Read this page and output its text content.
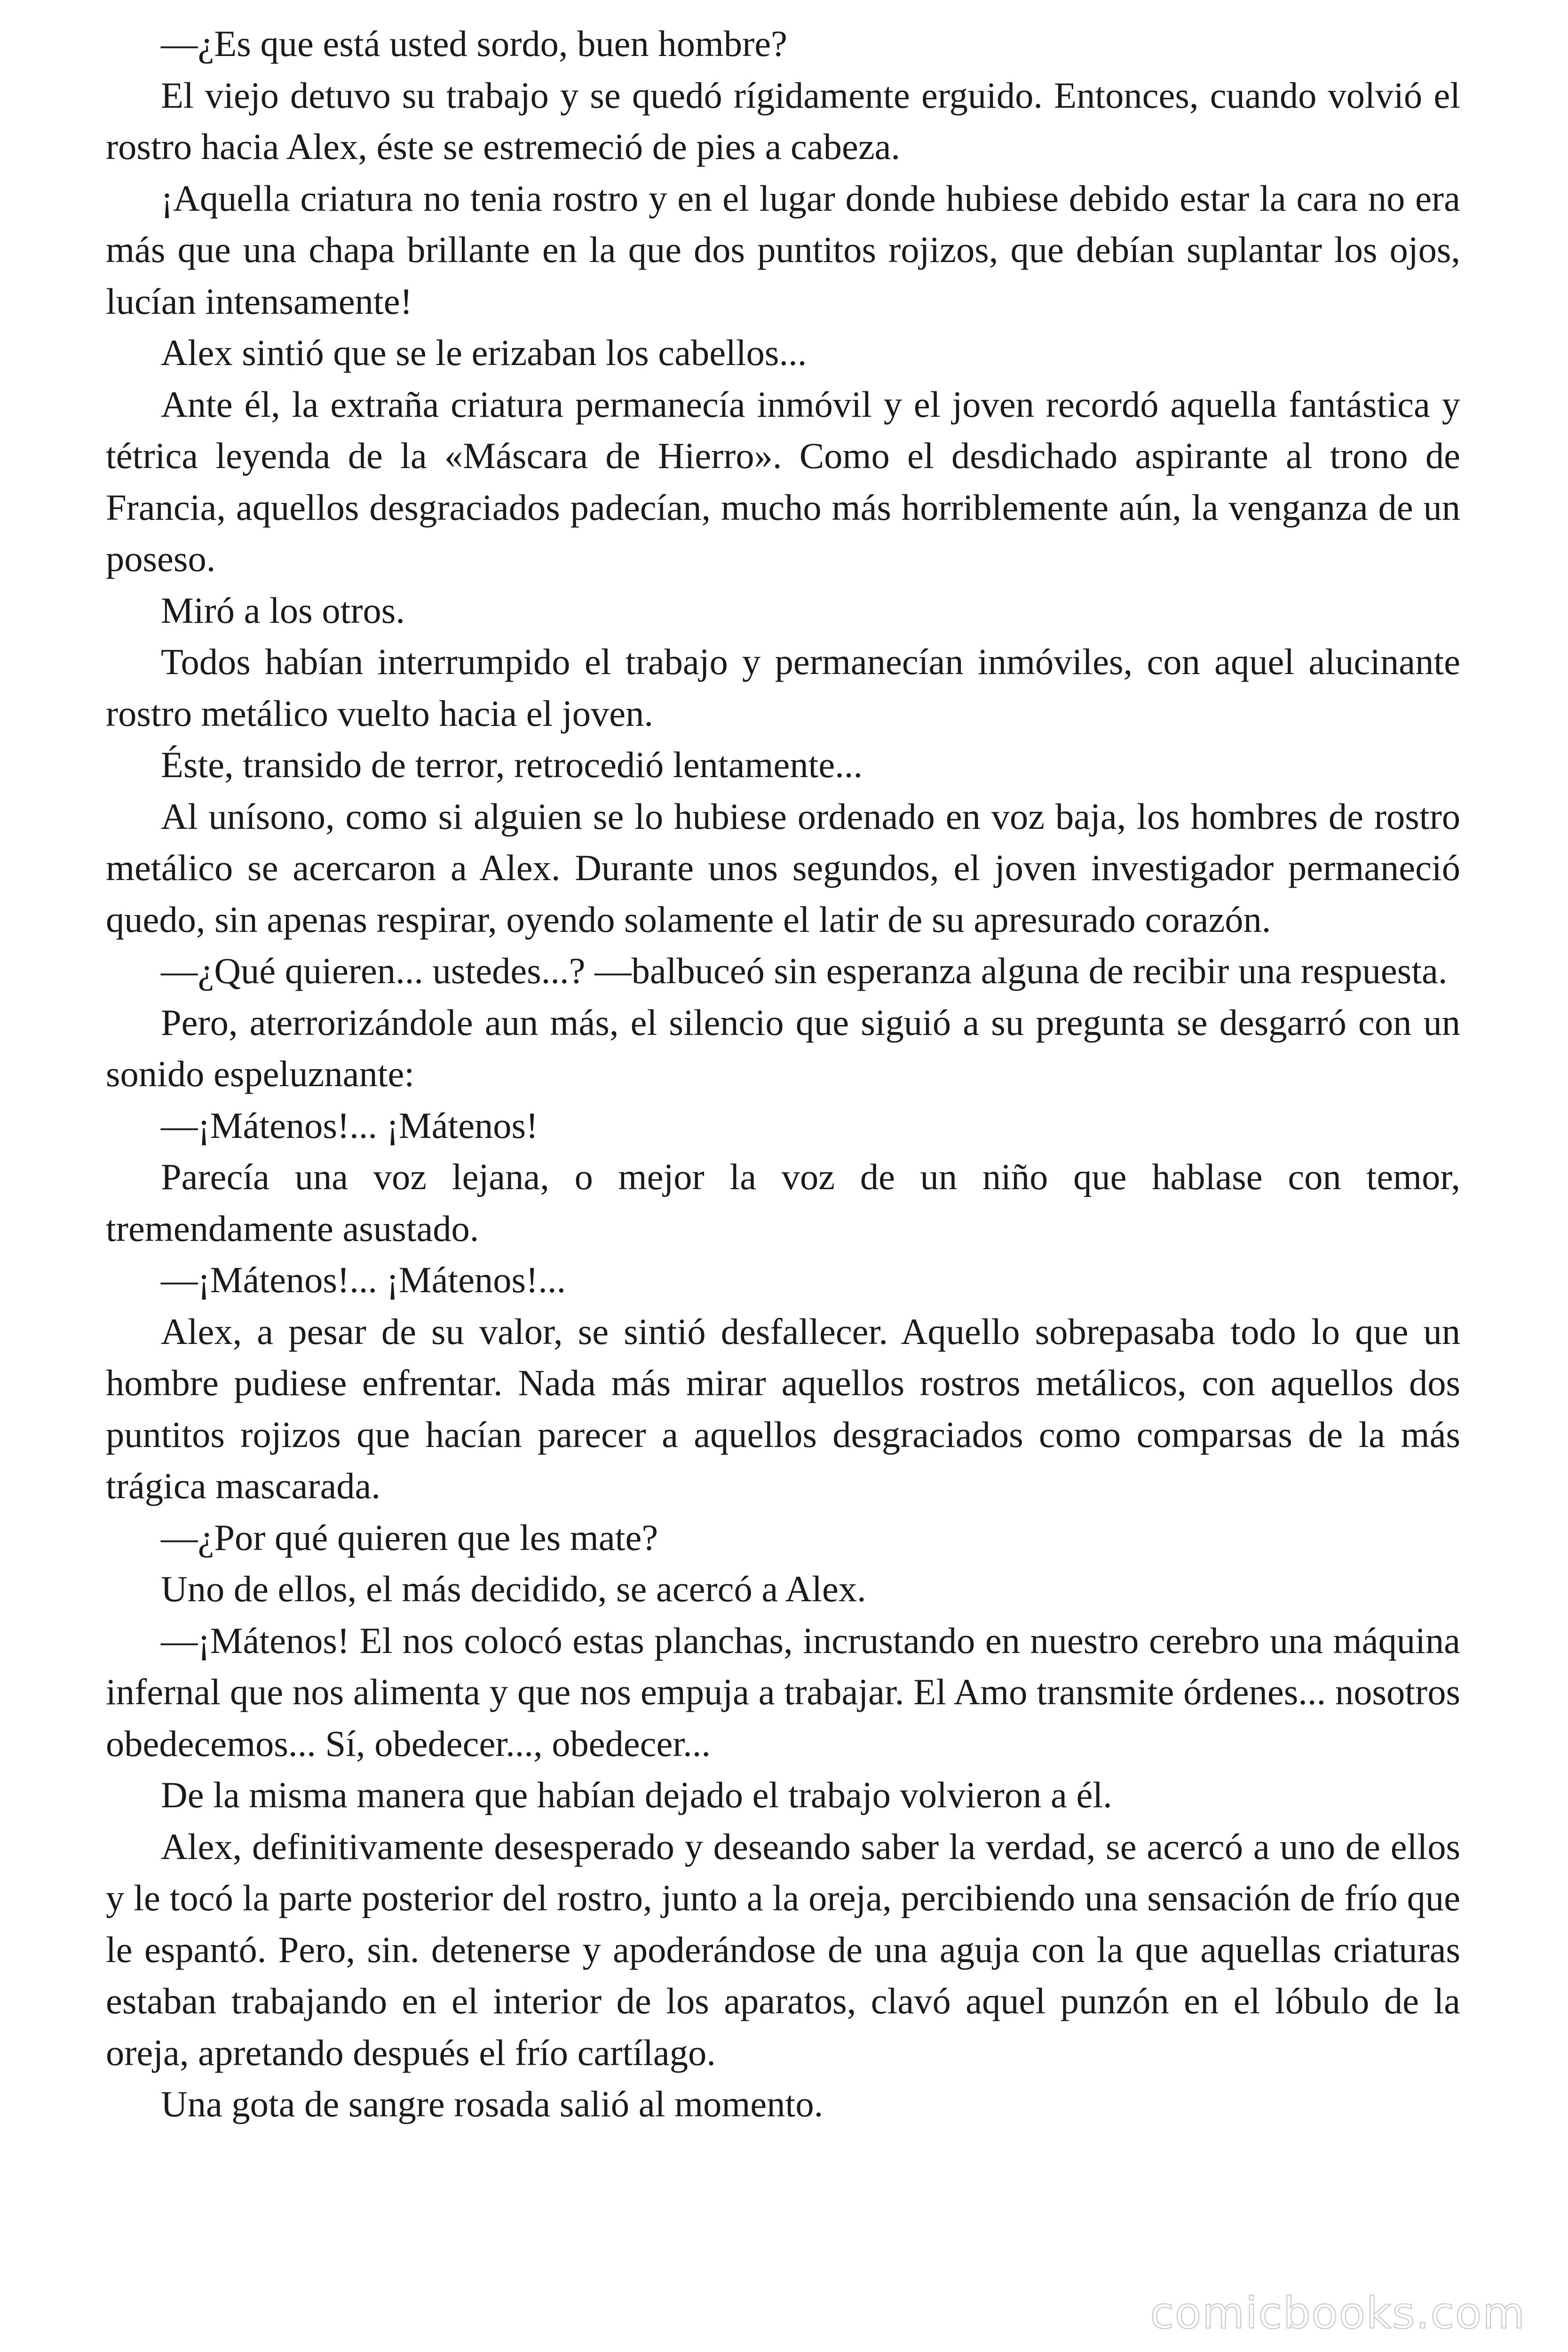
—¿Es que está usted sordo, buen hombre?

El viejo detuvo su trabajo y se quedó rígidamente erguido. Entonces, cuando volvió el rostro hacia Alex, éste se estremeció de pies a cabeza.

¡Aquella criatura no tenia rostro y en el lugar donde hubiese debido estar la cara no era más que una chapa brillante en la que dos puntitos rojizos, que debían suplantar los ojos, lucían intensamente!

Alex sintió que se le erizaban los cabellos...

Ante él, la extraña criatura permanecía inmóvil y el joven recordó aquella fantástica y tétrica leyenda de la «Máscara de Hierro». Como el desdichado aspirante al trono de Francia, aquellos desgraciados padecían, mucho más horriblemente aún, la venganza de un poseso.

Miró a los otros.

Todos habían interrumpido el trabajo y permanecían inmóviles, con aquel alucinante rostro metálico vuelto hacia el joven.

Éste, transido de terror, retrocedió lentamente...

Al unísono, como si alguien se lo hubiese ordenado en voz baja, los hombres de rostro metálico se acercaron a Alex. Durante unos segundos, el joven investigador permaneció quedo, sin apenas respirar, oyendo solamente el latir de su apresurado corazón.

—¿Qué quieren... ustedes...? —balbuceó sin esperanza alguna de recibir una respuesta.

Pero, aterrorizándole aun más, el silencio que siguió a su pregunta se desgarró con un sonido espeluznante:

—¡Mátenos!... ¡Mátenos!

Parecía una voz lejana, o mejor la voz de un niño que hablase con temor, tremendamente asustado.

—¡Mátenos!... ¡Mátenos!...

Alex, a pesar de su valor, se sintió desfallecer. Aquello sobrepasaba todo lo que un hombre pudiese enfrentar. Nada más mirar aquellos rostros metálicos, con aquellos dos puntitos rojizos que hacían parecer a aquellos desgraciados como comparsas de la más trágica mascarada.

—¿Por qué quieren que les mate?

Uno de ellos, el más decidido, se acercó a Alex.

—¡Mátenos! El nos colocó estas planchas, incrustando en nuestro cerebro una máquina infernal que nos alimenta y que nos empuja a trabajar. El Amo transmite órdenes... nosotros obedecemos... Sí, obedecer..., obedecer...

De la misma manera que habían dejado el trabajo volvieron a él.

Alex, definitivamente desesperado y deseando saber la verdad, se acercó a uno de ellos y le tocó la parte posterior del rostro, junto a la oreja, percibiendo una sensación de frío que le espantó. Pero, sin. detenerse y apoderándose de una aguja con la que aquellas criaturas estaban trabajando en el interior de los aparatos, clavó aquel punzón en el lóbulo de la oreja, apretando después el frío cartílago.

Una gota de sangre rosada salió al momento.

comicbooks.com
